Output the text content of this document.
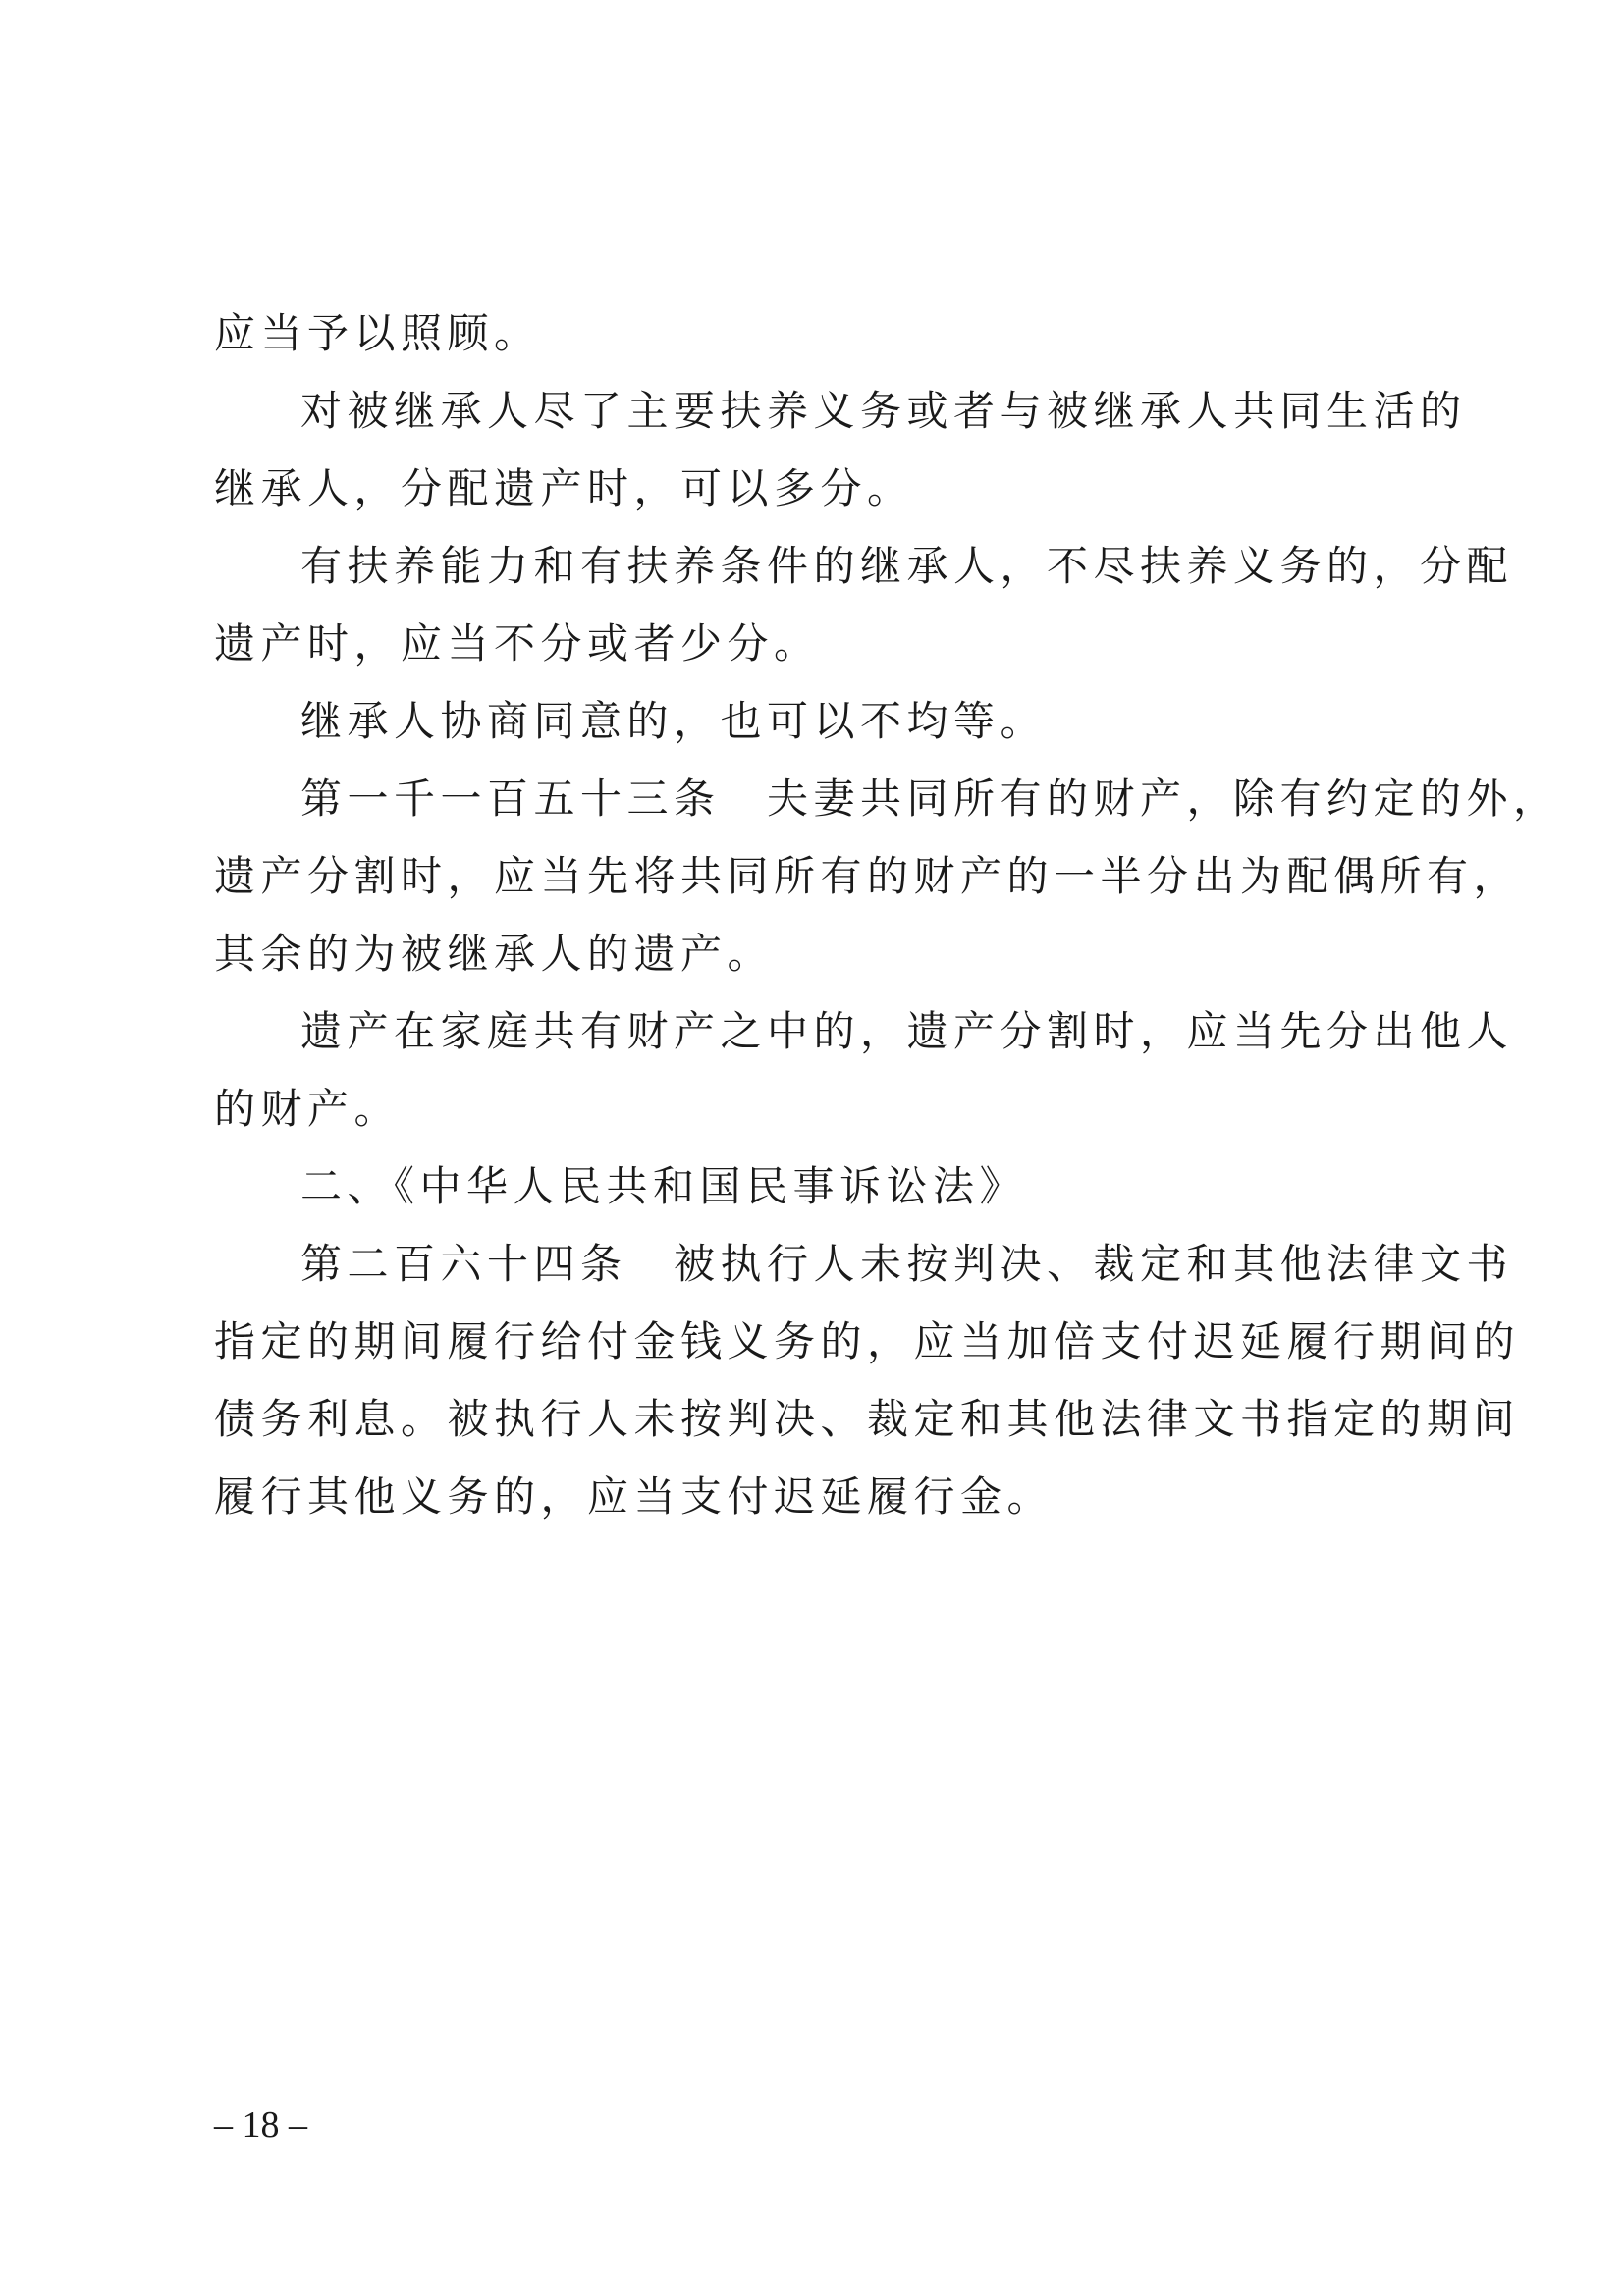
应当予以照顾。
对被继承人尽了主要扶养义务或者与被继承人共同生活的
继承人，分配遗产时，可以多分。
有扶养能力和有扶养条件的继承人，不尽扶养义务的，分配
遗产时，应当不分或者少分。
继承人协商同意的，也可以不均等。
第一千一百五十三条　夫妻共同所有的财产，除有约定的外，
遗产分割时，应当先将共同所有的财产的一半分出为配偶所有，
其余的为被继承人的遗产。
遗产在家庭共有财产之中的，遗产分割时，应当先分出他人
的财产。
二、《中华人民共和国民事诉讼法》
第二百六十四条　被执行人未按判决、裁定和其他法律文书
指定的期间履行给付金钱义务的，应当加倍支付迟延履行期间的
债务利息。被执行人未按判决、裁定和其他法律文书指定的期间
履行其他义务的，应当支付迟延履行金。
– 18 –
